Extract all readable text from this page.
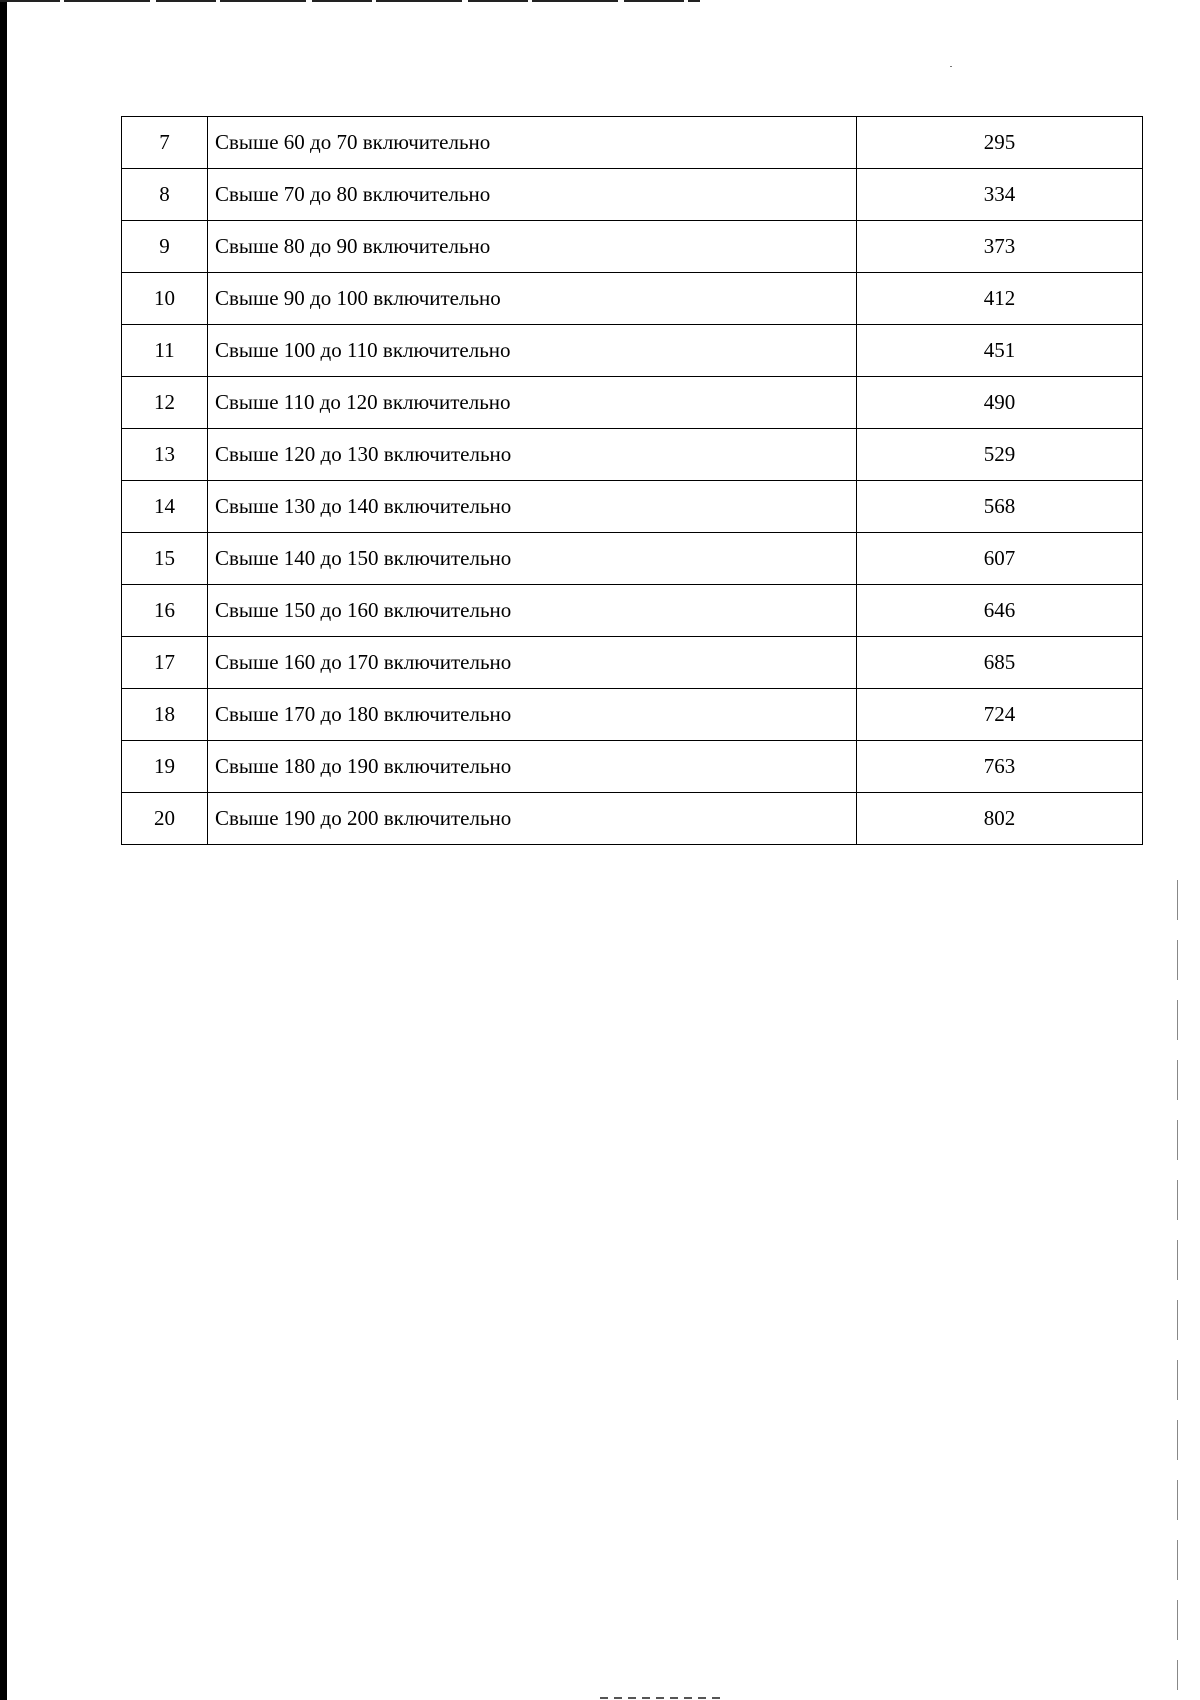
7	Свыше 60 до 70 включительно	295
8	Свыше 70 до 80 включительно	334
9	Свыше 80 до 90 включительно	373
10	Свыше 90 до 100 включительно	412
11	Свыше 100 до 110 включительно	451
12	Свыше 110 до 120 включительно	490
13	Свыше 120 до 130 включительно	529
14	Свыше 130 до 140 включительно	568
15	Свыше 140 до 150 включительно	607
16	Свыше 150 до 160 включительно	646
17	Свыше 160 до 170 включительно	685
18	Свыше 170 до 180 включительно	724
19	Свыше 180 до 190 включительно	763
20	Свыше 190 до 200 включительно	802
